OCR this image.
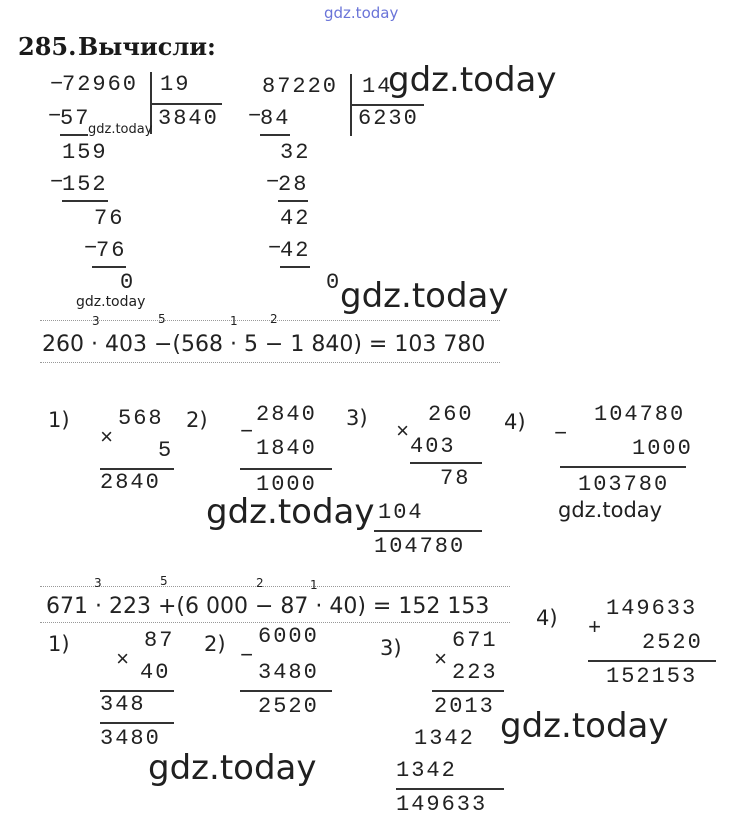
gdz.today
285. Вычисли:
−
72960 19
3840
−
57
159
−
152
76
−
76
0
gdz.today
87220 14
6230
−
84
32
−
28
42
−
42
0
gdz.today
gdz.today
gdz.today
3	5	1	2
260 · 403 −(568 · 5 − 1 840) = 103 780
1) 568
× 5
2840
2) 2840
−
1840
1000
3)	260
×
403
78
104
104780
4)	104780
−
1000
103780
gdz.today	gdz.today
3	5	2	1
671 · 223 +(6 000 − 87 · 40) = 152 153
1)	87
× 40
348
3480
2) 6000
−
3480
2520
3) 671
× 223
2013
1342
1342
149633
4) 149633
+
2520
152153
gdz.today
gdz.today
